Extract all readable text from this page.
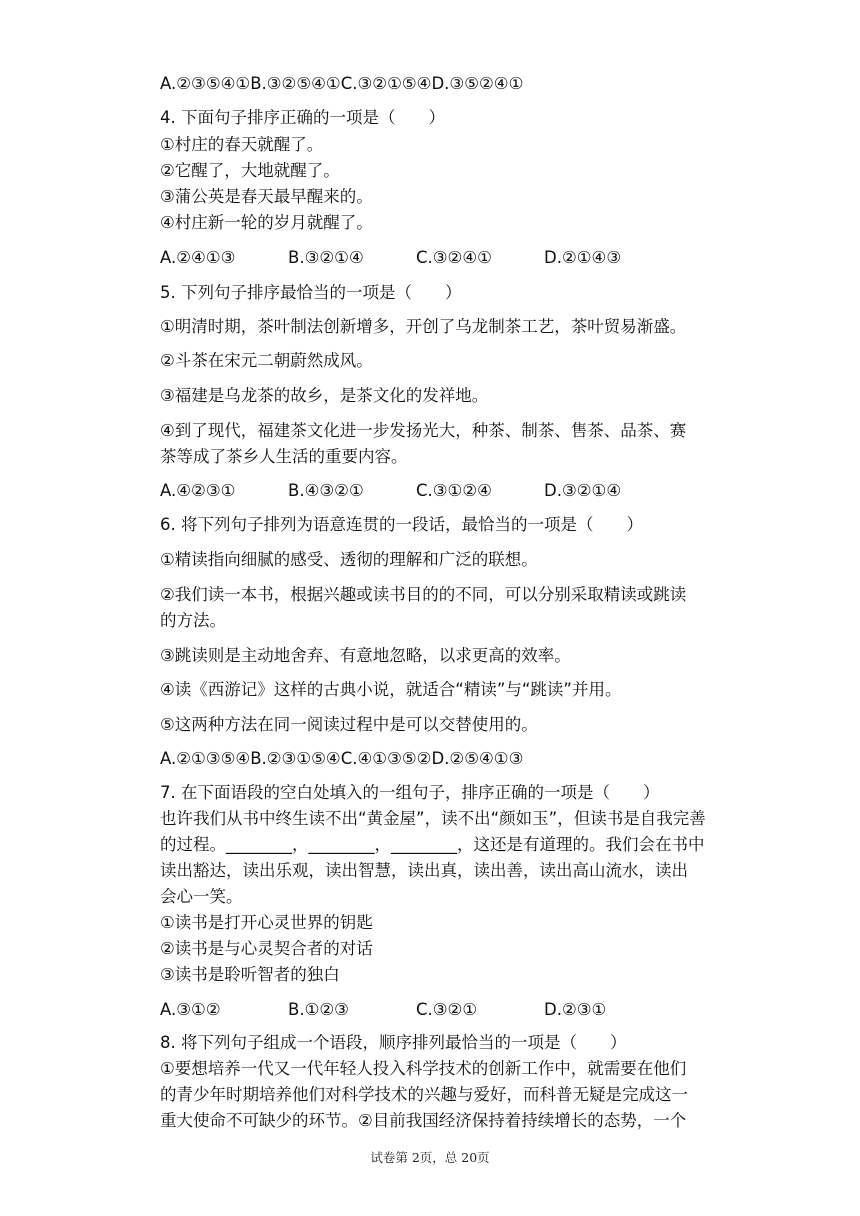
A.②③⑤④①B.③②⑤④①C.③②①⑤④D.③⑤②④①
4. 下面句子排序正确的一项是（　　）
①村庄的春天就醒了。
②它醒了，大地就醒了。
③蒲公英是春天最早醒来的。
④村庄新一轮的岁月就醒了。
A.②④①③	B.③②①④	C.③②④①	D.②①④③
5. 下列句子排序最恰当的一项是（　　）
①明清时期，茶叶制法创新增多，开创了乌龙制茶工艺，茶叶贸易渐盛。
②斗茶在宋元二朝蔚然成风。
③福建是乌龙茶的故乡，是茶文化的发祥地。
④到了现代，福建茶文化进一步发扬光大，种茶、制茶、售茶、品茶、赛
茶等成了茶乡人生活的重要内容。
A.④②③①	B.④③②①	C.③①②④	D.③②①④
6. 将下列句子排列为语意连贯的一段话，最恰当的一项是（　　）
①精读指向细腻的感受、透彻的理解和广泛的联想。
②我们读一本书，根据兴趣或读书目的的不同，可以分别采取精读或跳读
的方法。
③跳读则是主动地舍弃、有意地忽略，以求更高的效率。
④读《西游记》这样的古典小说，就适合“精读”与“跳读”并用。
⑤这两种方法在同一阅读过程中是可以交替使用的。
A.②①③⑤④B.②③①⑤④C.④①③⑤②D.②⑤④①③
7. 在下面语段的空白处填入的一组句子，排序正确的一项是（　　）
也许我们从书中终生读不出“黄金屋”，读不出“颜如玉”，但读书是自我完善
的过程。________，________，________，这还是有道理的。我们会在书中
读出豁达，读出乐观，读出智慧，读出真，读出善，读出高山流水，读出
会心一笑。
①读书是打开心灵世界的钥匙
②读书是与心灵契合者的对话
③读书是聆听智者的独白
A.③①②	B.①②③	C.③②①	D.②③①
8. 将下列句子组成一个语段，顺序排列最恰当的一项是（　　）
①要想培养一代又一代年轻人投入科学技术的创新工作中，就需要在他们
的青少年时期培养他们对科学技术的兴趣与爱好，而科普无疑是完成这一
重大使命不可缺少的环节。②目前我国经济保持着持续增长的态势，一个
试卷第 2页，总 20页
